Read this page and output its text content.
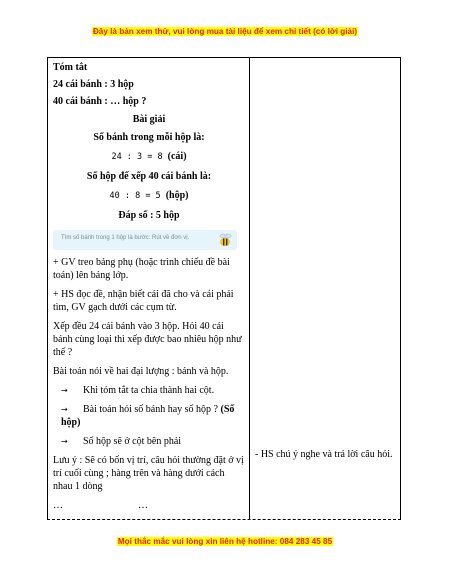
Đây là bản xem thử, vui lòng mua tài liệu để xem chi tiết (có lời giải)

Tóm tắt

24 cái bánh : 3 hộp

40 cái bánh : … hộp ?

Bài giải

Số bánh trong mỗi hộp là:

24 : 3 = 8 (cái)

Số hộp để xếp 40 cái bánh là:

40 : 8 = 5 (hộp)

Đáp số : 5 hộp

Tìm số bánh trong 1 hộp là bước: Rút về đơn vị.

+ GV treo bảng phụ (hoặc trình chiếu đề bài toán) lên bảng lớp.

+ HS đọc đề, nhận biết cái đã cho và cái phải tìm, GV gạch dưới các cụm từ.

Xếp đều 24 cái bánh vào 3 hộp. Hỏi 40 cái bánh cùng loại thì xếp được bao nhiêu hộp như thế ?

Bài toán nói về hai đại lượng : bánh và hộp.

→ Khi tóm tắt ta chia thành hai cột.

→ Bài toán hỏi số bánh hay số hộp ? (Số hộp)

→ Số hộp sẽ ở cột bên phải

Lưu ý : Sẽ có bốn vị trí, câu hỏi thường đặt ở vị trí cuối cùng ; hàng trên và hàng dưới cách nhau 1 dòng

…	…

- HS chú ý nghe và trả lời câu hỏi.

Mọi thắc mắc vui lòng xin liên hệ hotline: 084 283 45 85
